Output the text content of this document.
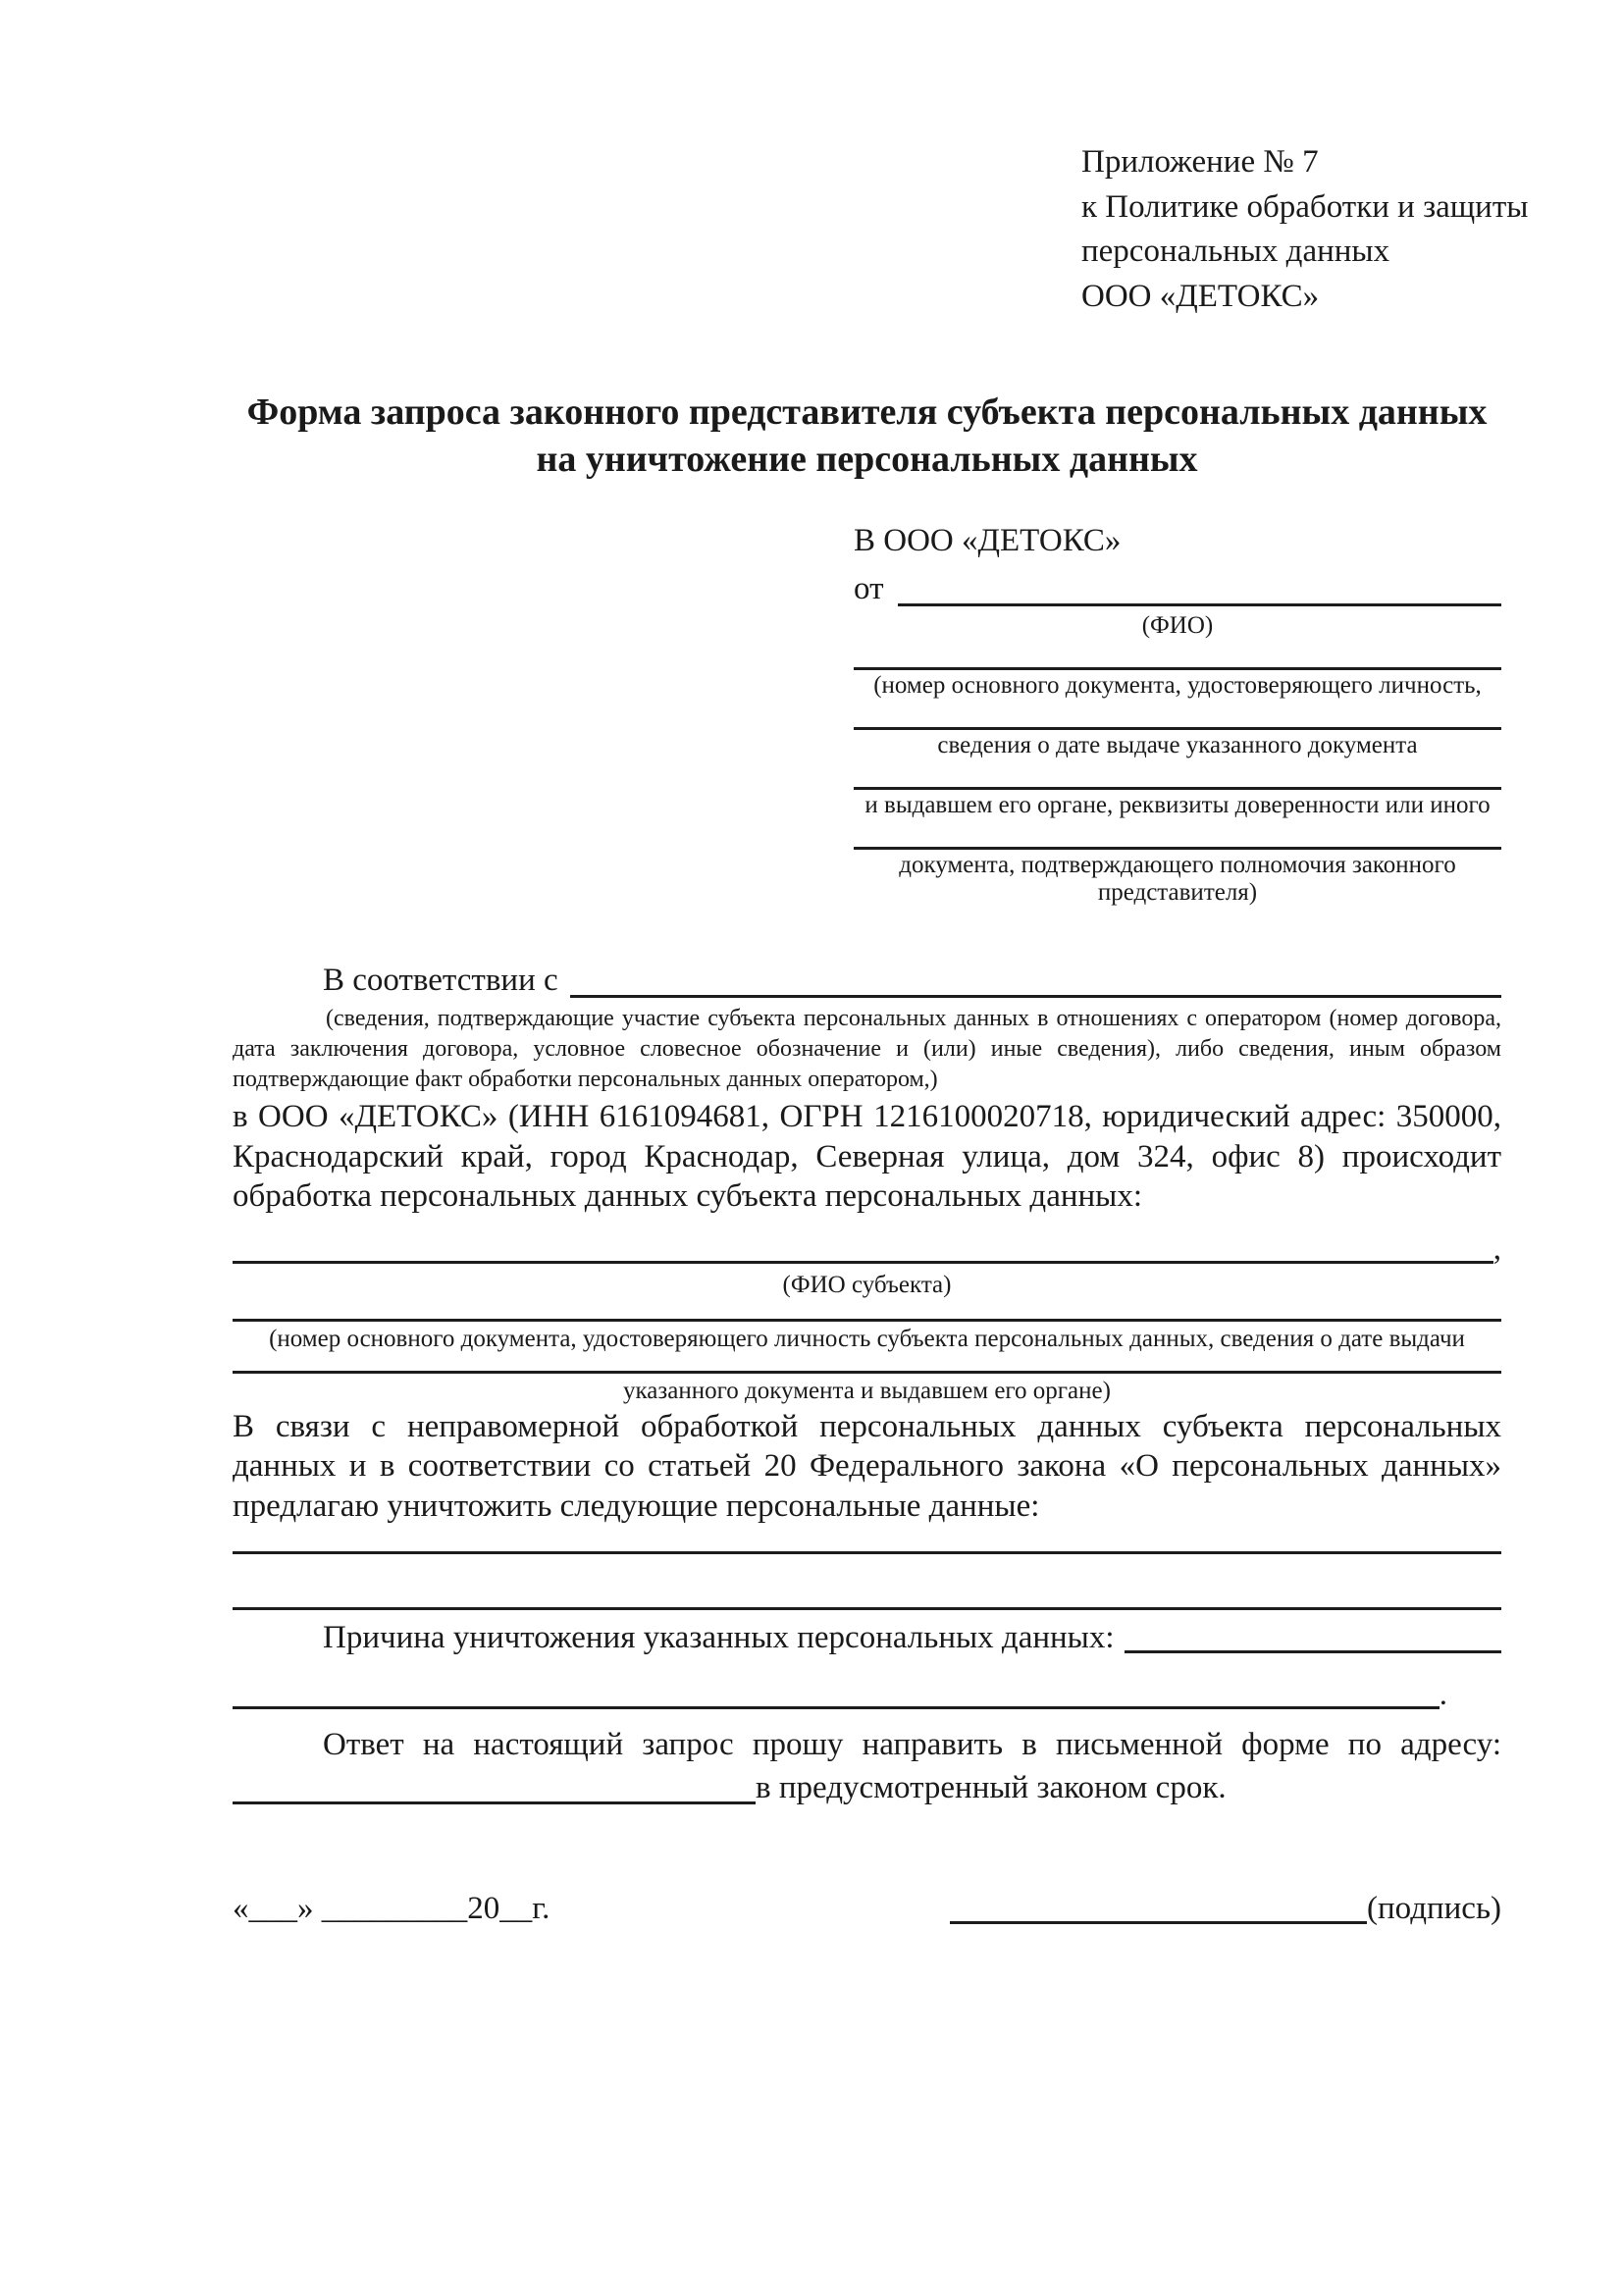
Приложение № 7
к Политике обработки и защиты
персональных данных
ООО «ДЕТОКС»
Форма запроса законного представителя субъекта персональных данных
на уничтожение персональных данных
В ООО «ДЕТОКС»
от
(ФИО)
(номер основного документа, удостоверяющего личность,
сведения о дате выдаче указанного документа
и выдавшем его органе, реквизиты доверенности или иного
документа, подтверждающего полномочия законного представителя)
В соответствии с

(сведения, подтверждающие участие субъекта персональных данных в отношениях с оператором (номер договора, дата заключения договора, условное словесное обозначение и (или) иные сведения), либо сведения, иным образом подтверждающие факт обработки персональных данных оператором,)

в ООО «ДЕТОКС» (ИНН 6161094681, ОГРН 1216100020718, юридический адрес: 350000, Краснодарский край, город Краснодар, Северная улица, дом 324, офис 8) происходит обработка персональных данных субъекта персональных данных:

,
(ФИО субъекта)
(номер основного документа, удостоверяющего личность субъекта персональных данных, сведения о дате выдачи
указанного документа и выдавшем его органе)

В связи с неправомерной обработкой персональных данных субъекта персональных данных и в соответствии со статьей 20 Федерального закона «О персональных данных» предлагаю уничтожить следующие персональные данные:

Причина уничтожения указанных персональных данных:
.

Ответ на настоящий запрос прошу направить в письменной форме по адресу:

в предусмотренный законом срок.
«___» _________20__г.	(подпись)
